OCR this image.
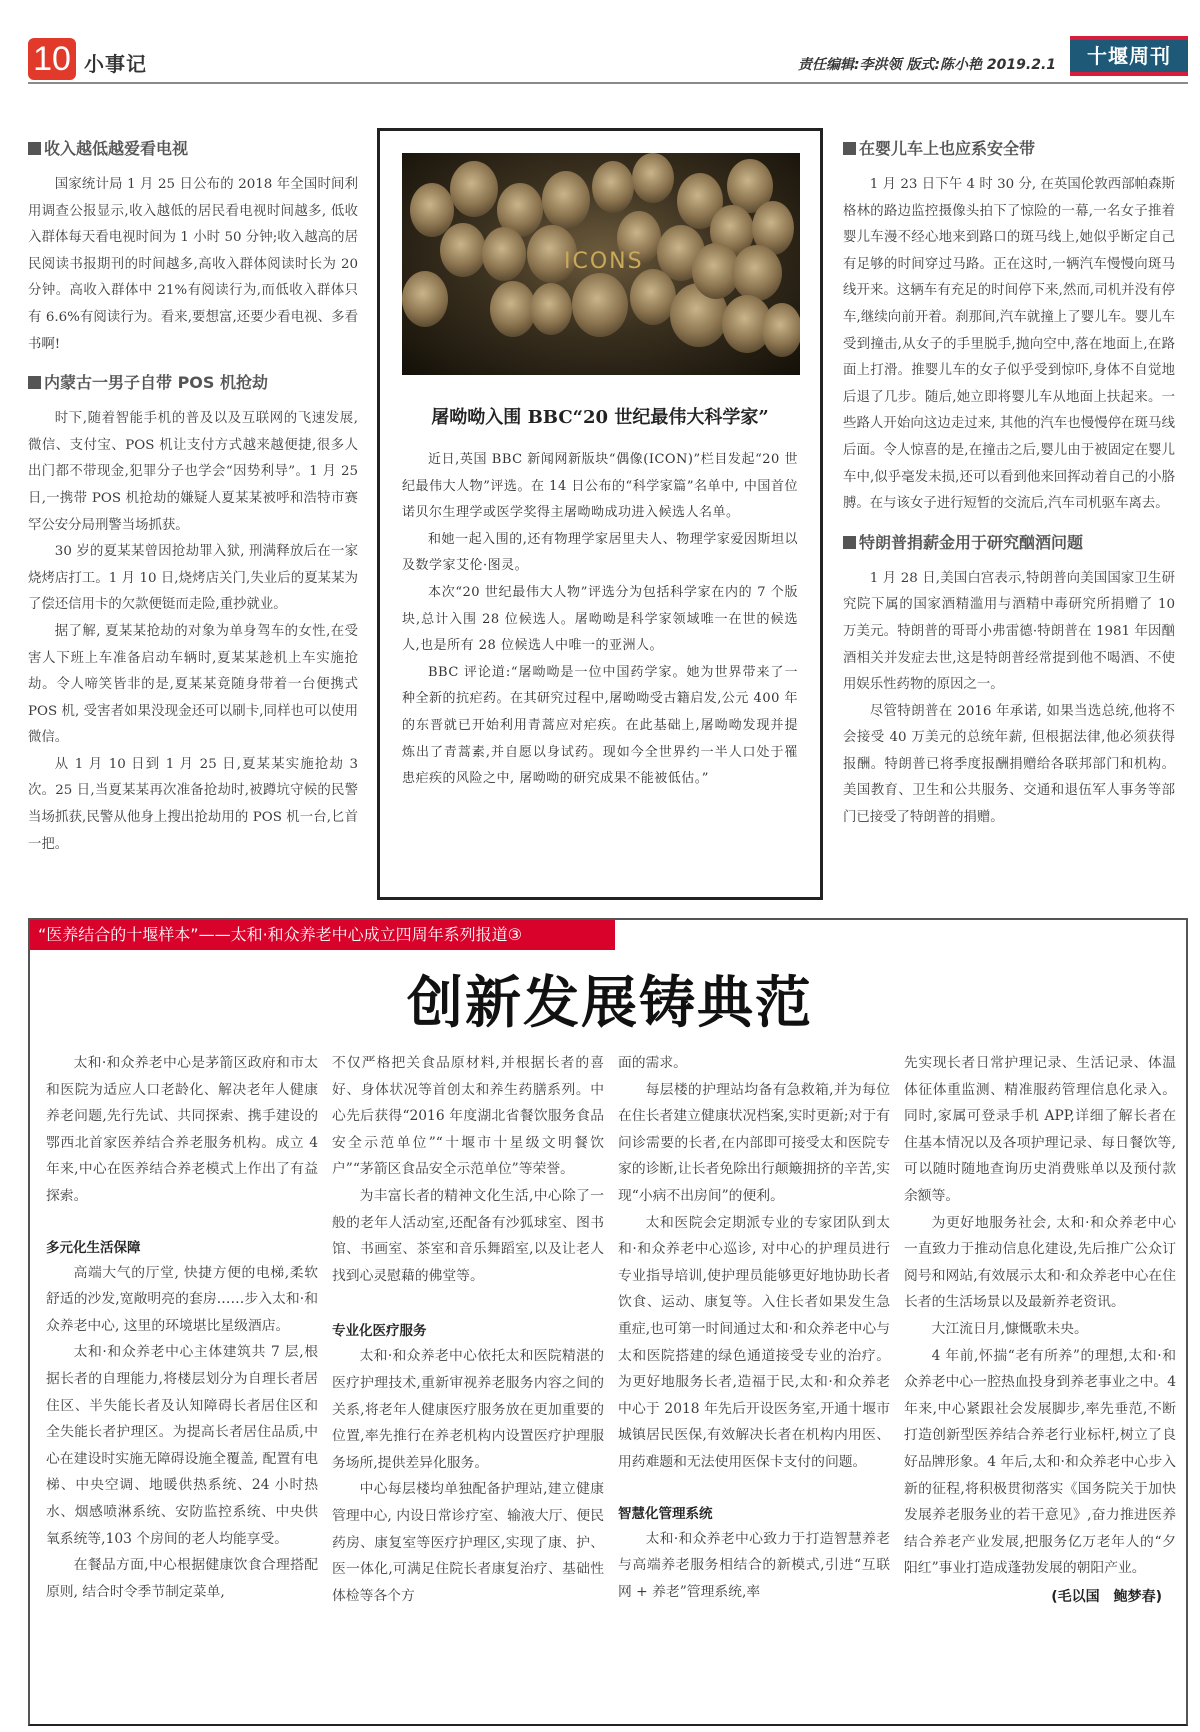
10 小事记	责任编辑:李洪领 版式:陈小艳 2019.2.1	十堰周刊
收入越低越爱看电视

国家统计局 1 月 25 日公布的 2018 年全国时间利用调查公报显示,收入越低的居民看电视时间越多, 低收入群体每天看电视时间为 1 小时 50 分钟;收入越高的居民阅读书报期刊的时间越多,高收入群体阅读时长为 20 分钟。高收入群体中 21%有阅读行为,而低收入群体只有 6.6%有阅读行为。看来,要想富,还要少看电视、多看书啊!

内蒙古一男子自带 POS 机抢劫

时下,随着智能手机的普及以及互联网的飞速发展, 微信、支付宝、POS 机让支付方式越来越便捷,很多人出门都不带现金,犯罪分子也学会“因势利导”。1 月 25 日,一携带 POS 机抢劫的嫌疑人夏某某被呼和浩特市赛罕公安分局刑警当场抓获。

30 岁的夏某某曾因抢劫罪入狱, 刑满释放后在一家烧烤店打工。1 月 10 日,烧烤店关门,失业后的夏某某为了偿还信用卡的欠款便铤而走险,重抄就业。

据了解, 夏某某抢劫的对象为单身驾车的女性,在受害人下班上车准备启动车辆时,夏某某趁机上车实施抢劫。令人啼笑皆非的是,夏某某竟随身带着一台便携式 POS 机, 受害者如果没现金还可以刷卡,同样也可以使用微信。

从 1 月 10 日到 1 月 25 日,夏某某实施抢劫 3 次。25 日,当夏某某再次准备抢劫时,被蹲坑守候的民警当场抓获,民警从他身上搜出抢劫用的 POS 机一台,匕首一把。

ICONS
屠呦呦入围 BBC“20 世纪最伟大科学家”

近日,英国 BBC 新闻网新版块“偶像(ICON)”栏目发起“20 世纪最伟大人物”评选。在 14 日公布的“科学家篇”名单中, 中国首位诺贝尔生理学或医学奖得主屠呦呦成功进入候选人名单。

和她一起入围的,还有物理学家居里夫人、物理学家爱因斯坦以及数学家艾伦·图灵。

本次“20 世纪最伟大人物”评选分为包括科学家在内的 7 个版块,总计入围 28 位候选人。屠呦呦是科学家领域唯一在世的候选人,也是所有 28 位候选人中唯一的亚洲人。

BBC 评论道:“屠呦呦是一位中国药学家。她为世界带来了一种全新的抗疟药。在其研究过程中,屠呦呦受古籍启发,公元 400 年的东晋就已开始利用青蒿应对疟疾。在此基础上,屠呦呦发现并提炼出了青蒿素,并自愿以身试药。现如今全世界约一半人口处于罹患疟疾的风险之中, 屠呦呦的研究成果不能被低估。”

在婴儿车上也应系安全带

1 月 23 日下午 4 时 30 分, 在英国伦敦西部帕森斯格林的路边监控摄像头拍下了惊险的一幕,一名女子推着婴儿车漫不经心地来到路口的斑马线上,她似乎断定自己有足够的时间穿过马路。正在这时,一辆汽车慢慢向斑马线开来。这辆车有充足的时间停下来,然而,司机并没有停车,继续向前开着。刹那间,汽车就撞上了婴儿车。婴儿车受到撞击,从女子的手里脱手,抛向空中,落在地面上,在路面上打滑。推婴儿车的女子似乎受到惊吓,身体不自觉地后退了几步。随后,她立即将婴儿车从地面上扶起来。一些路人开始向这边走过来, 其他的汽车也慢慢停在斑马线后面。令人惊喜的是,在撞击之后,婴儿由于被固定在婴儿车中,似乎毫发未损,还可以看到他来回挥动着自己的小胳膊。在与该女子进行短暂的交流后,汽车司机驱车离去。

特朗普捐薪金用于研究酗酒问题

1 月 28 日,美国白宫表示,特朗普向美国国家卫生研究院下属的国家酒精滥用与酒精中毒研究所捐赠了 10 万美元。特朗普的哥哥小弗雷德·特朗普在 1981 年因酗酒相关并发症去世,这是特朗普经常提到他不喝酒、不使用娱乐性药物的原因之一。

尽管特朗普在 2016 年承诺, 如果当选总统,他将不会接受 40 万美元的总统年薪, 但根据法律,他必须获得报酬。特朗普已将季度报酬捐赠给各联邦部门和机构。美国教育、卫生和公共服务、交通和退伍军人事务等部门已接受了特朗普的捐赠。

“医养结合的十堰样本”——太和·和众养老中心成立四周年系列报道③
创新发展铸典范

太和·和众养老中心是茅箭区政府和市太和医院为适应人口老龄化、解决老年人健康养老问题,先行先试、共同探索、携手建设的鄂西北首家医养结合养老服务机构。成立 4 年来,中心在医养结合养老模式上作出了有益探索。

多元化生活保障

高端大气的厅堂, 快捷方便的电梯,柔软舒适的沙发,宽敞明亮的套房……步入太和·和众养老中心, 这里的环境堪比星级酒店。

太和·和众养老中心主体建筑共 7 层,根据长者的自理能力,将楼层划分为自理长者居住区、半失能长者及认知障碍长者居住区和全失能长者护理区。为提高长者居住品质,中心在建设时实施无障碍设施全覆盖, 配置有电梯、中央空调、地暖供热系统、24 小时热水、烟感喷淋系统、安防监控系统、中央供氧系统等,103 个房间的老人均能享受。

在餐品方面,中心根据健康饮食合理搭配原则, 结合时令季节制定菜单,

不仅严格把关食品原材料,并根据长者的喜好、身体状况等首创太和养生药膳系列。中心先后获得“2016 年度湖北省餐饮服务食品安全示范单位”“十堰市十星级文明餐饮户”“茅箭区食品安全示范单位”等荣誉。

为丰富长者的精神文化生活,中心除了一般的老年人活动室,还配备有沙狐球室、图书馆、书画室、茶室和音乐舞蹈室,以及让老人找到心灵慰藉的佛堂等。

专业化医疗服务

太和·和众养老中心依托太和医院精湛的医疗护理技术,重新审视养老服务内容之间的关系,将老年人健康医疗服务放在更加重要的位置,率先推行在养老机构内设置医疗护理服务场所,提供差异化服务。

中心每层楼均单独配备护理站,建立健康管理中心, 内设日常诊疗室、输液大厅、便民药房、康复室等医疗护理区,实现了康、护、医一体化,可满足住院长者康复治疗、基础性体检等各个方

面的需求。

每层楼的护理站均备有急救箱,并为每位在住长者建立健康状况档案,实时更新;对于有问诊需要的长者,在内部即可接受太和医院专家的诊断,让长者免除出行颠簸拥挤的辛苦,实现“小病不出房间”的便利。

太和医院会定期派专业的专家团队到太和·和众养老中心巡诊, 对中心的护理员进行专业指导培训,使护理员能够更好地协助长者饮食、运动、康复等。入住长者如果发生急重症,也可第一时间通过太和·和众养老中心与太和医院搭建的绿色通道接受专业的治疗。为更好地服务长者,造福于民,太和·和众养老中心于 2018 年先后开设医务室,开通十堰市城镇居民医保,有效解决长者在机构内用医、用药难题和无法使用医保卡支付的问题。

智慧化管理系统

太和·和众养老中心致力于打造智慧养老与高端养老服务相结合的新模式,引进“互联网 + 养老”管理系统,率

先实现长者日常护理记录、生活记录、体温体征体重监测、精准服药管理信息化录入。同时,家属可登录手机 APP,详细了解长者在住基本情况以及各项护理记录、每日餐饮等,可以随时随地查询历史消费账单以及预付款余额等。

为更好地服务社会, 太和·和众养老中心一直致力于推动信息化建设,先后推广公众订阅号和网站,有效展示太和·和众养老中心在住长者的生活场景以及最新养老资讯。

大江流日月,慷慨歌未央。

4 年前,怀揣“老有所养”的理想,太和·和众养老中心一腔热血投身到养老事业之中。4 年来,中心紧跟社会发展脚步,率先垂范,不断打造创新型医养结合养老行业标杆,树立了良好品牌形象。4 年后,太和·和众养老中心步入新的征程,将积极贯彻落实《国务院关于加快发展养老服务业的若干意见》,奋力推进医养结合养老产业发展,把服务亿万老年人的“夕阳红”事业打造成蓬勃发展的朝阳产业。

(毛以国　鲍梦春)
